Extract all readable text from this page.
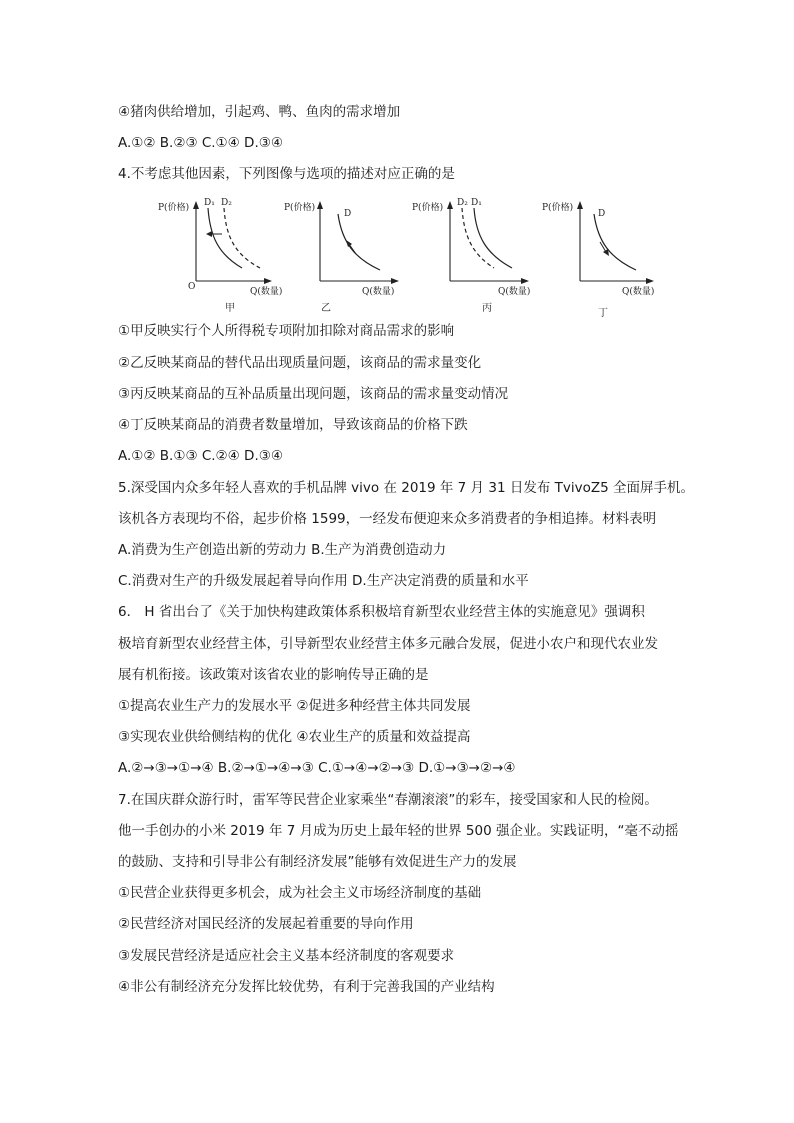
④猪肉供给增加，引起鸡、鸭、鱼肉的需求增加
A.①② B.②③ C.①④ D.③④
4.不考虑其他因素，下列图像与选项的描述对应正确的是
P(价格)
Q(数量)
O
D₁ D₂
甲
P(价格)
Q(数量)
D
乙
P(价格)
Q(数量)
D₂ D₁
丙
P(价格)
Q(数量)
D
丁
①甲反映实行个人所得税专项附加扣除对商品需求的影响
②乙反映某商品的替代品出现质量问题，该商品的需求量变化
③丙反映某商品的互补品质量出现问题，该商品的需求量变动情况
④丁反映某商品的消费者数量增加，导致该商品的价格下跌
A.①② B.①③ C.②④ D.③④
5.深受国内众多年轻人喜欢的手机品牌 vivo 在 2019 年 7 月 31 日发布 TvivoZ5 全面屏手机。
该机各方表现均不俗，起步价格 1599，一经发布便迎来众多消费者的争相追捧。材料表明
A.消费为生产创造出新的劳动力 B.生产为消费创造动力
C.消费对生产的升级发展起着导向作用 D.生产决定消费的质量和水平
6． H 省出台了《关于加快构建政策体系积极培育新型农业经营主体的实施意见》强调积
极培育新型农业经营主体，引导新型农业经营主体多元融合发展，促进小农户和现代农业发
展有机衔接。该政策对该省农业的影响传导正确的是
①提高农业生产力的发展水平 ②促进多种经营主体共同发展
③实现农业供给侧结构的优化 ④农业生产的质量和效益提高
A.②→③→①→④ B.②→①→④→③ C.①→④→②→③ D.①→③→②→④
7.在国庆群众游行时，雷军等民营企业家乘坐“春潮滚滚”的彩车，接受国家和人民的检阅。
他一手创办的小米 2019 年 7 月成为历史上最年轻的世界 500 强企业。实践证明，“毫不动摇
的鼓励、支持和引导非公有制经济发展”能够有效促进生产力的发展
①民营企业获得更多机会，成为社会主义市场经济制度的基础
②民营经济对国民经济的发展起着重要的导向作用
③发展民营经济是适应社会主义基本经济制度的客观要求
④非公有制经济充分发挥比较优势，有利于完善我国的产业结构
